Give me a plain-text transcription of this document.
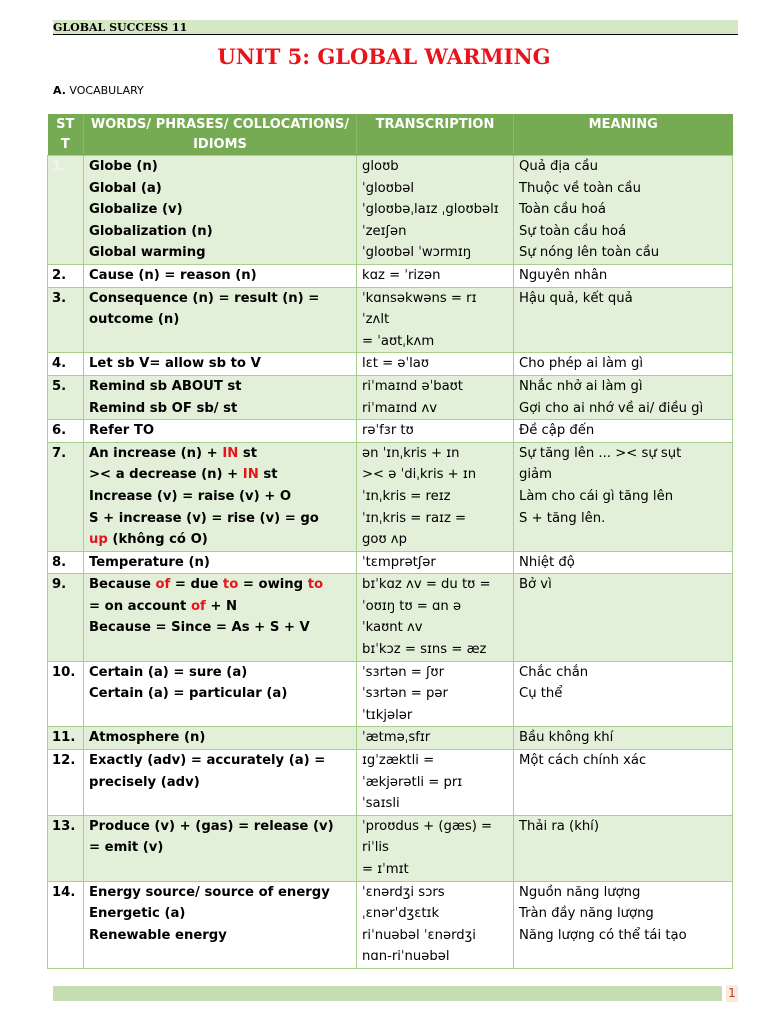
GLOBAL SUCCESS 11
UNIT 5: GLOBAL WARMING
A. VOCABULARY
ST T	WORDS/ PHRASES/ COLLOCATIONS/ IDIOMS	TRANSCRIPTION	MEANING
1.	Globe (n)
Global (a)
Globalize (v)
Globalization (n)
Global warming	gloʊb
ˈgloʊbəl
ˈgloʊbəˌlaɪz ˌgloʊbəlɪ
ˈzeɪʃən
ˈgloʊbəl ˈwɔrmɪŋ	Quả địa cầu
Thuộc về toàn cầu
Toàn cầu hoá
Sự toàn cầu hoá
Sự nóng lên toàn cầu

2.	Cause (n) = reason (n)	kɑz = ˈrizən	Nguyên nhân

3.	Consequence (n) = result (n) =
outcome (n)	ˈkɑnsəkwəns = rɪ
ˈzʌlt
= ˈaʊtˌkʌm	Hậu quả, kết quả

4.	Let sb V= allow sb to V	lɛt = əˈlaʊ	Cho phép ai làm gì

5.	Remind sb ABOUT st
Remind sb OF sb/ st	riˈmaɪnd əˈbaʊt
riˈmaɪnd ʌv	Nhắc nhở ai làm gì
Gợi cho ai nhớ về ai/ điều gì

6.	Refer TO	rəˈfɜr tʊ	Đề cập đến

7.	An increase (n) + IN st
>< a decrease (n) + IN st
Increase (v) = raise (v) + O
S + increase (v) = rise (v) = go
up (không có O)	ən ˈɪnˌkris + ɪn
>< ə ˈdiˌkris + ɪn
ˈɪnˌkris = reɪz
ˈɪnˌkris = raɪz =
goʊ ʌp	Sự tăng lên ... >< sự sụt
giảm
Làm cho cái gì tăng lên
S + tăng lên.

8.	Temperature (n)	ˈtɛmprətʃər	Nhiệt độ

9.	Because of = due to = owing to
= on account of + N
Because = Since = As + S + V	bɪˈkɑz ʌv = du tʊ =
ˈoʊɪŋ tʊ = ɑn ə
ˈkaʊnt ʌv
bɪˈkɔz = sɪns = æz	Bở vì

10.	Certain (a) = sure (a)
Certain (a) = particular (a)	ˈsɜrtən = ʃʊr
ˈsɜrtən = pər
ˈtɪkjələr	Chắc chắn
Cụ thể

11.	Atmosphere (n)	ˈætməˌsfɪr	Bầu không khí

12.	Exactly (adv) = accurately (a) =
precisely (adv)	ɪgˈzæktli =
ˈækjərətli = prɪ
ˈsaɪsli	Một cách chính xác

13.	Produce (v) + (gas) = release (v)
= emit (v)	ˈproʊdus + (gæs) =
riˈlis
= ɪˈmɪt	Thải ra (khí)

14.	Energy source/ source of energy
Energetic (a)
Renewable energy	ˈɛnərdʒi sɔrs
ˌɛnərˈdʒɛtɪk
riˈnuəbəl ˈɛnərdʒi
nɑn-riˈnuəbəl	Nguồn năng lượng
Tràn đầy năng lượng
Năng lượng có thể tái tạo
1
